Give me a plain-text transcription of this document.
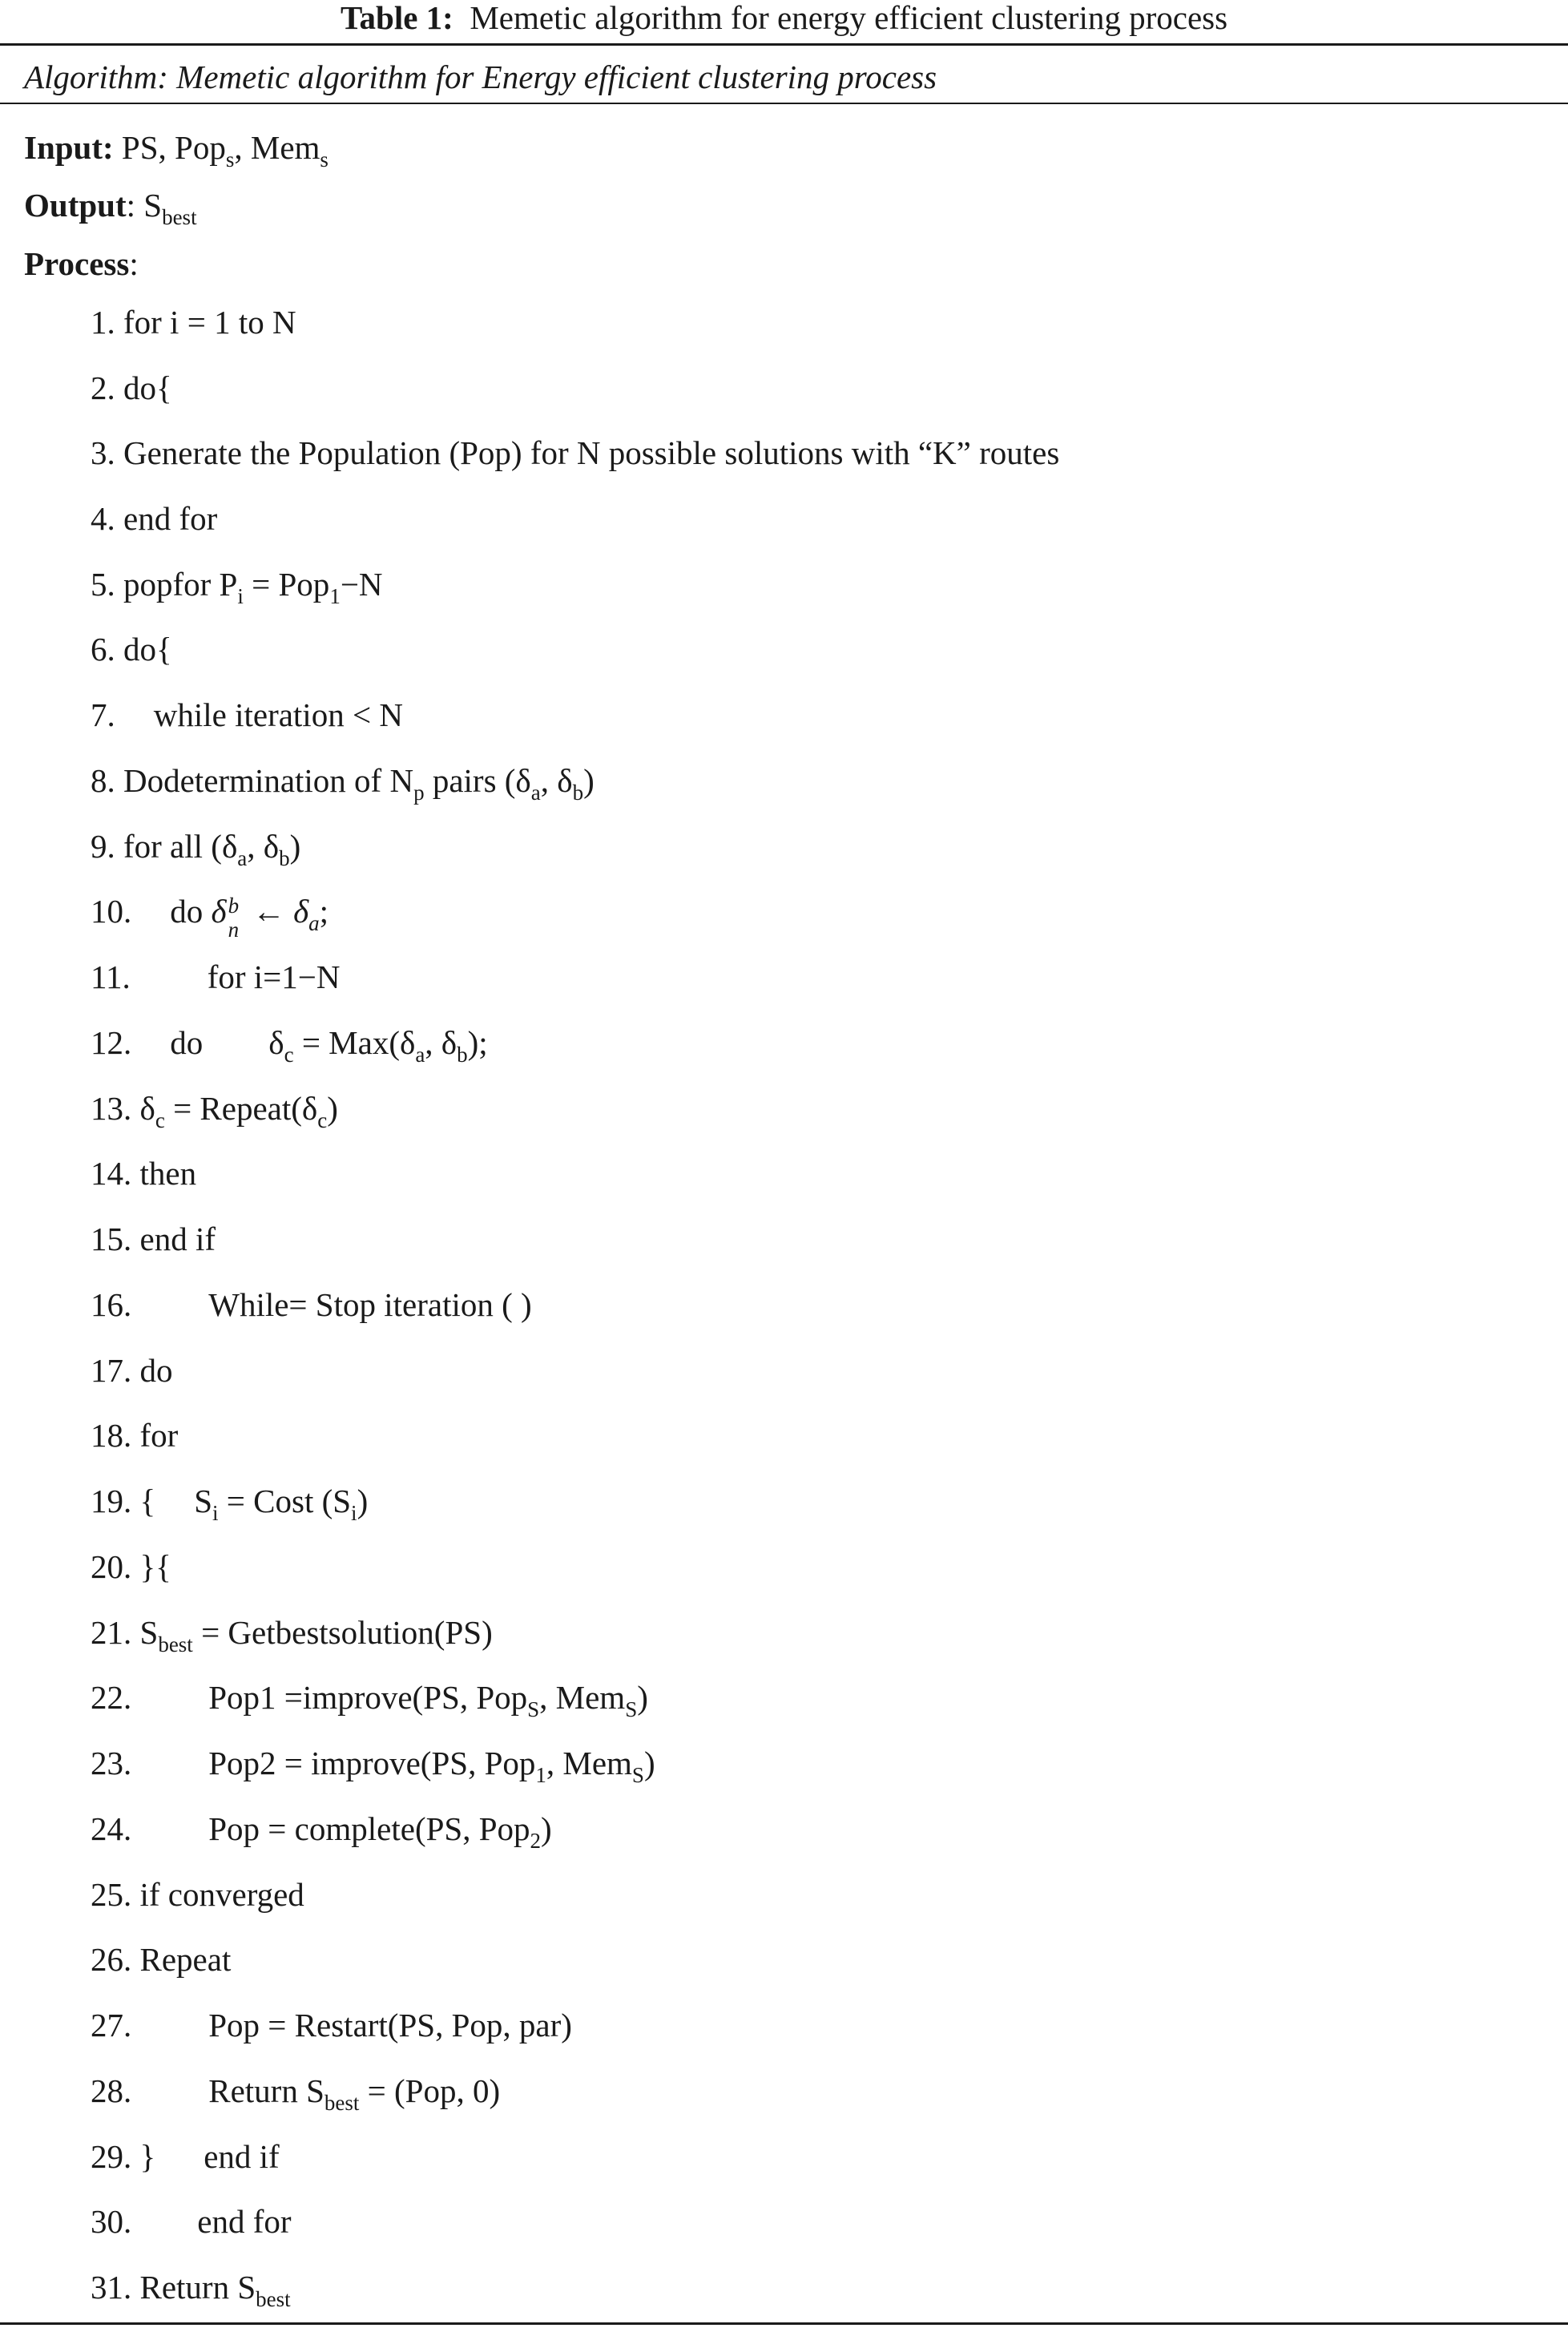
Table 1: Memetic algorithm for energy efficient clustering process
Algorithm: Memetic algorithm for Energy efficient clustering process
Input: PS, Pop$_s$, Mem$_s$
Output: $S_{best}$
Process:
1. for i = 1 to N
2. do{
3. Generate the Population (Pop) for N possible solutions with “K” routes
4. end for
5. popfor $P_i = Pop_1-N$
6. do{
7. while iteration < N
8. Dodetermination of $N_p$ pairs ($\delta_a$, $\delta_b$)
9. for all ($\delta_a$, $\delta_b$)
10. do δ b
n ← $\delta_a$;
11. for i=1−N
12. do $\delta_c = Max(\delta_a$, $\delta_b$);
13. $\delta_c$ = $Repeat(\delta_c)$
14. then
15. end if
16. While= Stop iteration ( )
17. do
18. for
19. { $S_i$ = Cost $(S_i)$
20. }{
21. $S_{best}$ = Getbestsolution(PS)
22. Pop1 =improve(PS, Pop$_S$, Mem$_S$)
23. Pop2 = improve(PS, Pop$_1$, Mem$_S$)
24. Pop = complete(PS, Pop$_2$)
25. if converged
26. Repeat
27. Pop = Restart(PS, Pop, par)
28. Return $S_{best} = (Pop$, 0)
29. } end if
30. end for
31. Return $S_{best}$
